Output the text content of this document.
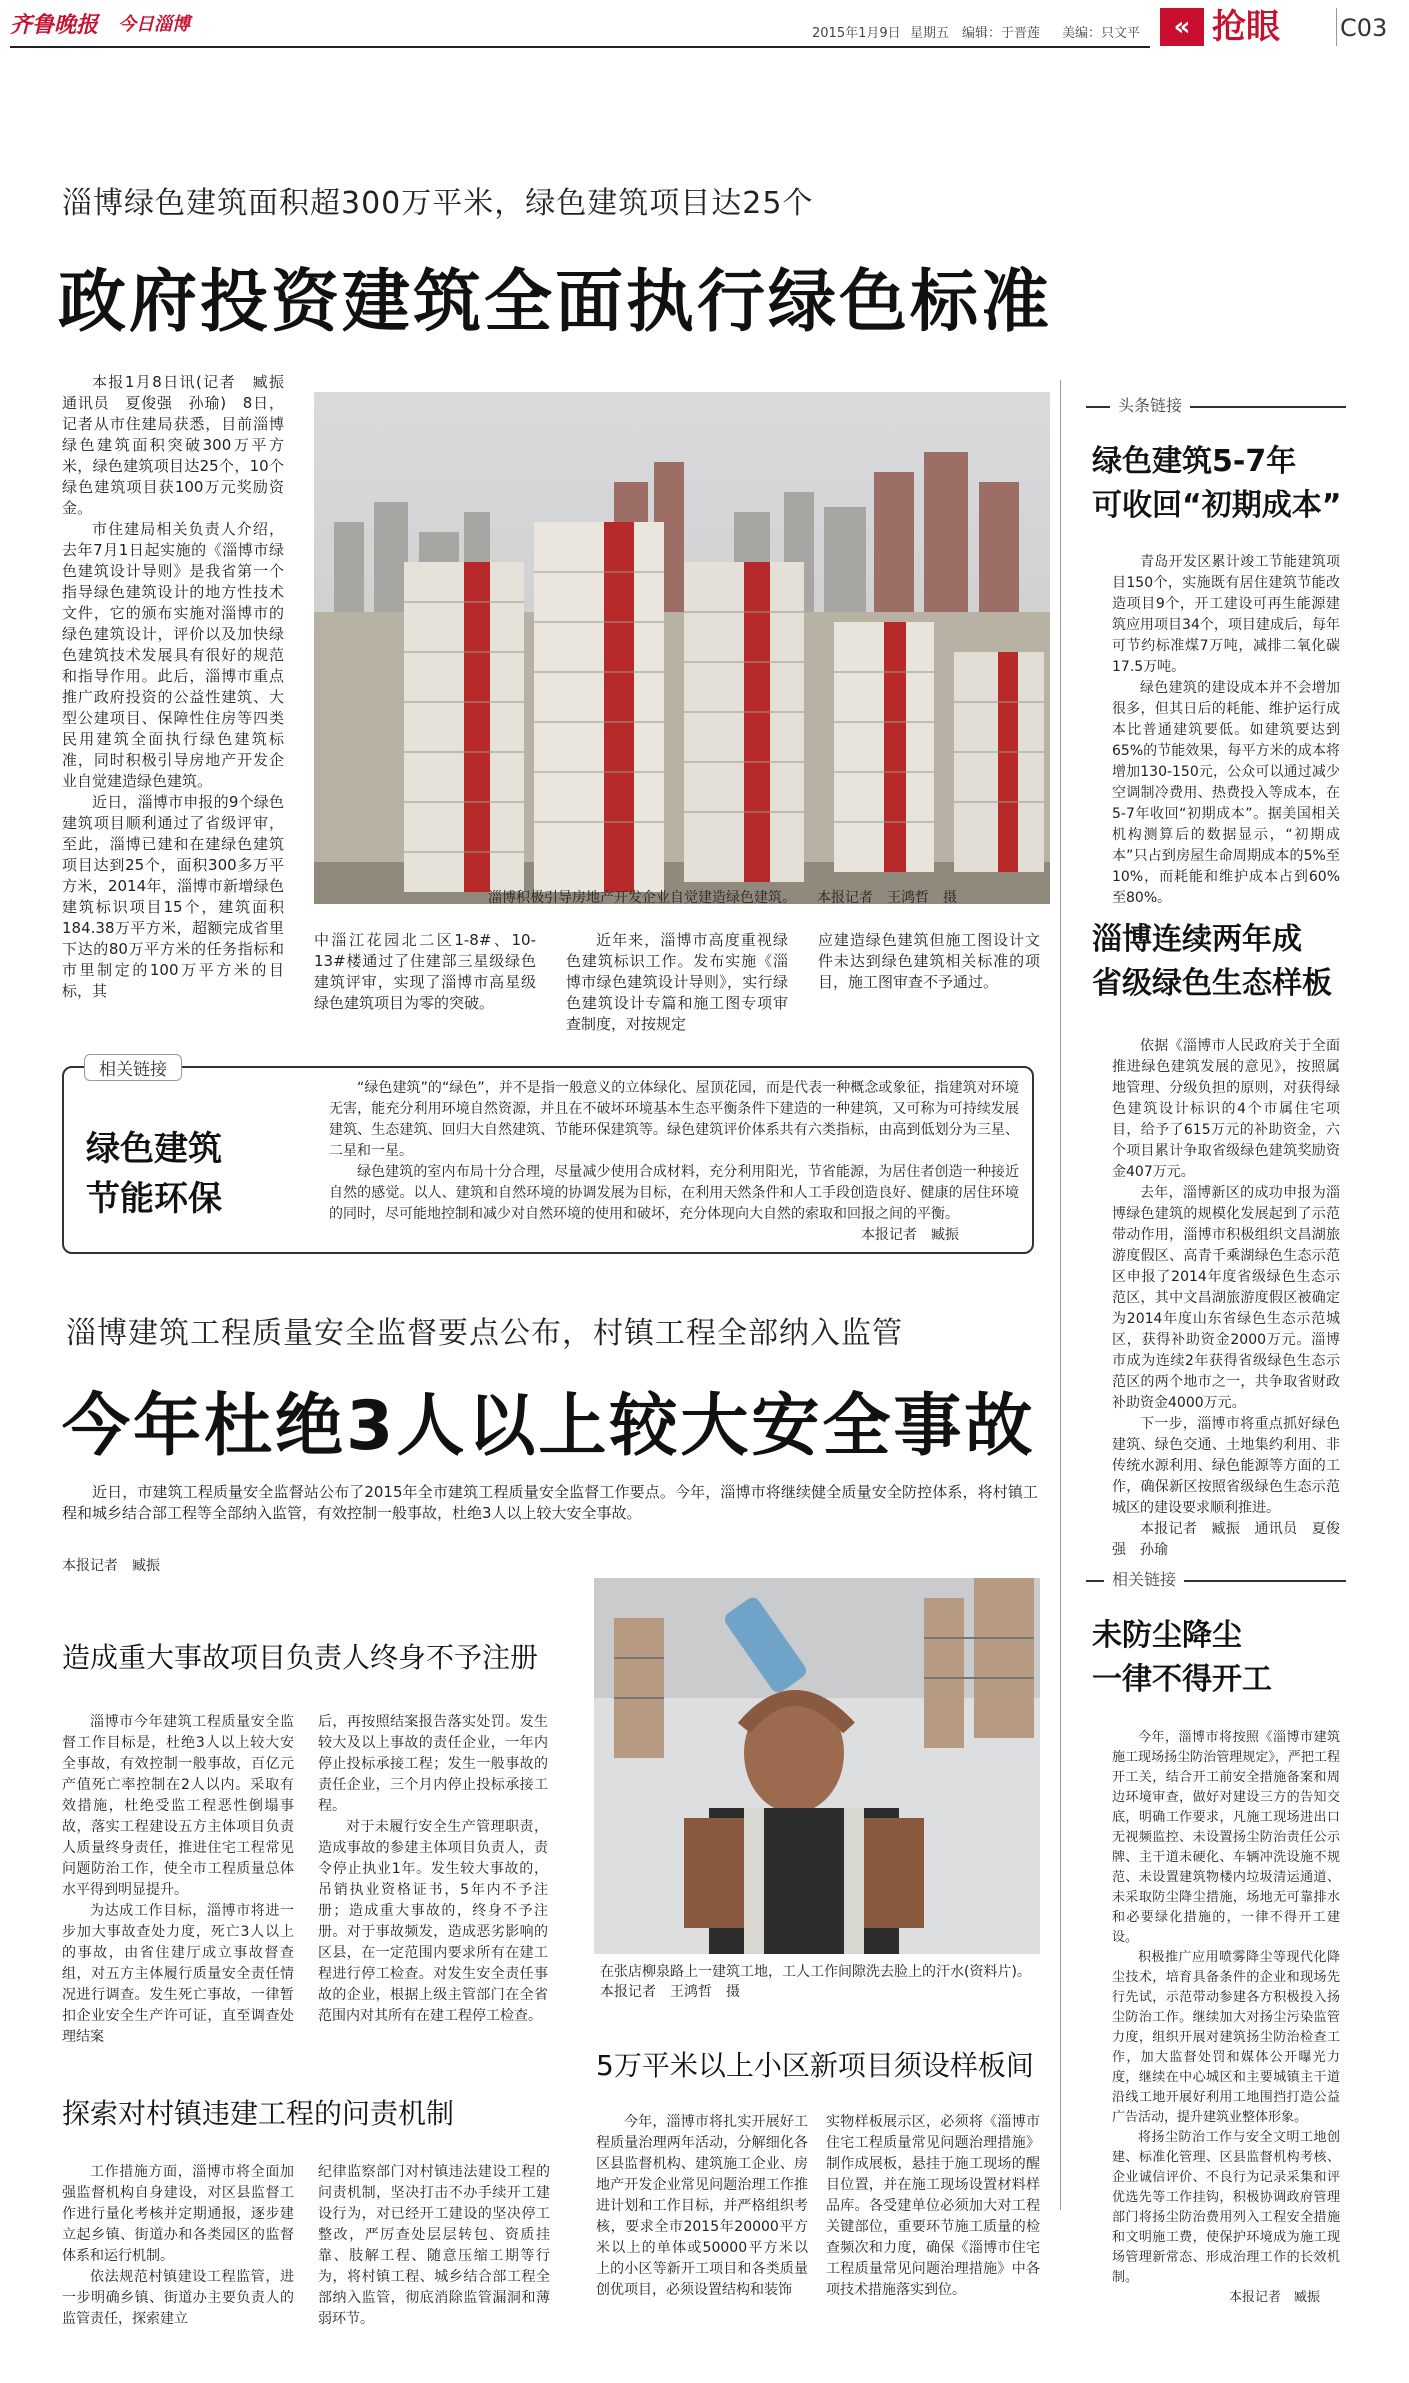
齐鲁晚报 今日淄博	2015年1月9日 星期五 编辑：于晋莲 美编：只文平	« 抢眼	C03
淄博绿色建筑面积超300万平米，绿色建筑项目达25个
政府投资建筑全面执行绿色标准

本报1月8日讯(记者　臧振　通讯员　夏俊强　孙瑜)　8日，记者从市住建局获悉，目前淄博绿色建筑面积突破300万平方米，绿色建筑项目达25个，10个绿色建筑项目获100万元奖励资金。

市住建局相关负责人介绍，去年7月1日起实施的《淄博市绿色建筑设计导则》是我省第一个指导绿色建筑设计的地方性技术文件，它的颁布实施对淄博市的绿色建筑设计，评价以及加快绿色建筑技术发展具有很好的规范和指导作用。此后，淄博市重点推广政府投资的公益性建筑、大型公建项目、保障性住房等四类民用建筑全面执行绿色建筑标准，同时积极引导房地产开发企业自觉建造绿色建筑。

近日，淄博市申报的9个绿色建筑项目顺利通过了省级评审，至此，淄博已建和在建绿色建筑项目达到25个，面积300多万平方米，2014年，淄博市新增绿色建筑标识项目15个，建筑面积184.38万平方米，超额完成省里下达的80万平方米的任务指标和市里制定的100万平方米的目标，其

淄博积极引导房地产开发企业自觉建造绿色建筑。　　本报记者　王鸿哲　摄

中淄江花园北二区1-8#、10-13#楼通过了住建部三星级绿色建筑评审，实现了淄博市高星级绿色建筑项目为零的突破。

近年来，淄博市高度重视绿色建筑标识工作。发布实施《淄博市绿色建筑设计导则》，实行绿色建筑设计专篇和施工图专项审查制度，对按规定

应建造绿色建筑但施工图设计文件未达到绿色建筑相关标准的项目，施工图审查不予通过。

相关链接
绿色建筑
节能环保

“绿色建筑”的“绿色”，并不是指一般意义的立体绿化、屋顶花园，而是代表一种概念或象征，指建筑对环境无害，能充分利用环境自然资源，并且在不破坏环境基本生态平衡条件下建造的一种建筑，又可称为可持续发展建筑、生态建筑、回归大自然建筑、节能环保建筑等。绿色建筑评价体系共有六类指标，由高到低划分为三星、二星和一星。

绿色建筑的室内布局十分合理，尽量减少使用合成材料，充分利用阳光，节省能源，为居住者创造一种接近自然的感觉。以人、建筑和自然环境的协调发展为目标，在利用天然条件和人工手段创造良好、健康的居住环境的同时，尽可能地控制和减少对自然环境的使用和破坏，充分体现向大自然的索取和回报之间的平衡。

本报记者　臧振
头条链接
绿色建筑5-7年
可收回“初期成本”

青岛开发区累计竣工节能建筑项目150个，实施既有居住建筑节能改造项目9个，开工建设可再生能源建筑应用项目34个，项目建成后，每年可节约标准煤7万吨，减排二氧化碳17.5万吨。

绿色建筑的建设成本并不会增加很多，但其日后的耗能、维护运行成本比普通建筑要低。如建筑要达到65%的节能效果，每平方米的成本将增加130-150元，公众可以通过减少空调制冷费用、热费投入等成本，在5-7年收回“初期成本”。据美国相关机构测算后的数据显示，“初期成本”只占到房屋生命周期成本的5%至10%，而耗能和维护成本占到60%至80%。

淄博连续两年成
省级绿色生态样板

依据《淄博市人民政府关于全面推进绿色建筑发展的意见》，按照属地管理、分级负担的原则，对获得绿色建筑设计标识的4个市属住宅项目，给予了615万元的补助资金，六个项目累计争取省级绿色建筑奖励资金407万元。

去年，淄博新区的成功申报为淄博绿色建筑的规模化发展起到了示范带动作用，淄博市积极组织文昌湖旅游度假区、高青千乘湖绿色生态示范区申报了2014年度省级绿色生态示范区，其中文昌湖旅游度假区被确定为2014年度山东省绿色生态示范城区，获得补助资金2000万元。淄博市成为连续2年获得省级绿色生态示范区的两个地市之一，共争取省财政补助资金4000万元。

下一步，淄博市将重点抓好绿色建筑、绿色交通、土地集约利用、非传统水源利用、绿色能源等方面的工作，确保新区按照省级绿色生态示范城区的建设要求顺利推进。

本报记者　臧振　通讯员　夏俊强　孙瑜

淄博建筑工程质量安全监督要点公布，村镇工程全部纳入监管
今年杜绝3人以上较大安全事故

近日，市建筑工程质量安全监督站公布了2015年全市建筑工程质量安全监督工作要点。今年，淄博市将继续健全质量安全防控体系，将村镇工程和城乡结合部工程等全部纳入监管，有效控制一般事故，杜绝3人以上较大安全事故。

本报记者　臧振
造成重大事故项目负责人终身不予注册

淄博市今年建筑工程质量安全监督工作目标是，杜绝3人以上较大安全事故，有效控制一般事故，百亿元产值死亡率控制在2人以内。采取有效措施，杜绝受监工程恶性倒塌事故，落实工程建设五方主体项目负责人质量终身责任，推进住宅工程常见问题防治工作，使全市工程质量总体水平得到明显提升。

为达成工作目标，淄博市将进一步加大事故查处力度，死亡3人以上的事故，由省住建厅成立事故督查组，对五方主体履行质量安全责任情况进行调查。发生死亡事故，一律暂扣企业安全生产许可证，直至调查处理结案

后，再按照结案报告落实处罚。发生较大及以上事故的责任企业，一年内停止投标承接工程；发生一般事故的责任企业，三个月内停止投标承接工程。

对于未履行安全生产管理职责，造成事故的参建主体项目负责人，责令停止执业1年。发生较大事故的，吊销执业资格证书，5年内不予注册；造成重大事故的，终身不予注册。对于事故频发，造成恶劣影响的区县，在一定范围内要求所有在建工程进行停工检查。对发生安全责任事故的企业，根据上级主管部门在全省范围内对其所有在建工程停工检查。

在张店柳泉路上一建筑工地，工人工作间隙洗去脸上的汗水(资料片)。　本报记者　王鸿哲　摄
探索对村镇违建工程的问责机制

工作措施方面，淄博市将全面加强监督机构自身建设，对区县监督工作进行量化考核并定期通报，逐步建立起乡镇、街道办和各类园区的监督体系和运行机制。

依法规范村镇建设工程监管，进一步明确乡镇、街道办主要负责人的监管责任，探索建立

纪律监察部门对村镇违法建设工程的问责机制，坚决打击不办手续开工建设行为，对已经开工建设的坚决停工整改，严厉查处层层转包、资质挂靠、肢解工程、随意压缩工期等行为，将村镇工程、城乡结合部工程全部纳入监管，彻底消除监管漏洞和薄弱环节。

5万平米以上小区新项目须设样板间

今年，淄博市将扎实开展好工程质量治理两年活动，分解细化各区县监督机构、建筑施工企业、房地产开发企业常见问题治理工作推进计划和工作目标，并严格组织考核，要求全市2015年20000平方米以上的单体或50000平方米以上的小区等新开工项目和各类质量创优项目，必须设置结构和装饰

实物样板展示区，必须将《淄博市住宅工程质量常见问题治理措施》制作成展板，悬挂于施工现场的醒目位置，并在施工现场设置材料样品库。各受建单位必须加大对工程关键部位，重要环节施工质量的检查频次和力度，确保《淄博市住宅工程质量常见问题治理措施》中各项技术措施落实到位。

相关链接
未防尘降尘
一律不得开工

今年，淄博市将按照《淄博市建筑施工现场扬尘防治管理规定》，严把工程开工关，结合开工前安全措施备案和周边环境审查，做好对建设三方的告知交底，明确工作要求，凡施工现场进出口无视频监控、未设置扬尘防治责任公示牌、主干道未硬化、车辆冲洗设施不规范、未设置建筑物楼内垃圾清运通道、未采取防尘降尘措施，场地无可靠排水和必要绿化措施的，一律不得开工建设。

积极推广应用喷雾降尘等现代化降尘技术，培育具备条件的企业和现场先行先试，示范带动参建各方积极投入扬尘防治工作。继续加大对扬尘污染监管力度，组织开展对建筑扬尘防治检查工作，加大监督处罚和媒体公开曝光力度，继续在中心城区和主要城镇主干道沿线工地开展好利用工地围挡打造公益广告活动，提升建筑业整体形象。

将扬尘防治工作与安全文明工地创建、标准化管理、区县监督机构考核、企业诚信评价、不良行为记录采集和评优选先等工作挂钩，积极协调政府管理部门将扬尘防治费用列入工程安全措施和文明施工费，使保护环境成为施工现场管理新常态、形成治理工作的长效机制。

本报记者　臧振
